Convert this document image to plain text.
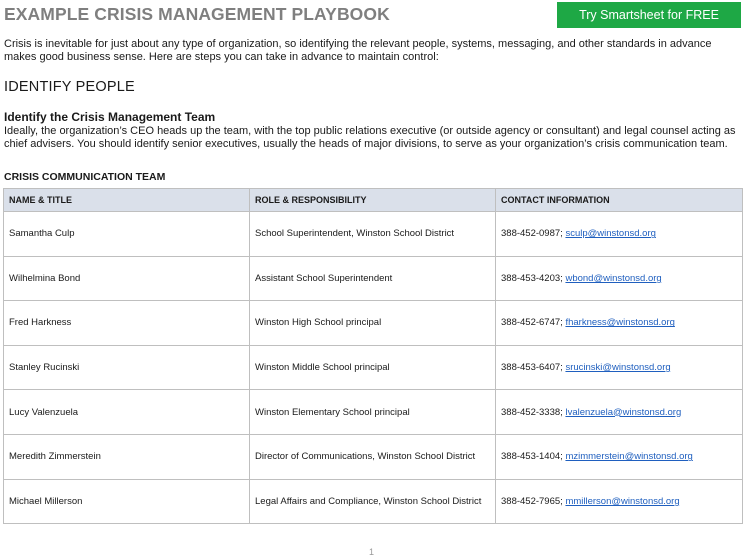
EXAMPLE CRISIS MANAGEMENT PLAYBOOK	Try Smartsheet for FREE

Crisis is inevitable for just about any type of organization, so identifying the relevant people, systems, messaging, and other standards in advance makes good business sense. Here are steps you can take in advance to maintain control:

IDENTIFY PEOPLE
Identify the Crisis Management Team

Ideally, the organization’s CEO heads up the team, with the top public relations executive (or outside agency or consultant) and legal counsel acting as chief advisers. You should identify senior executives, usually the heads of major divisions, to serve as your organization’s crisis communication team.

CRISIS COMMUNICATION TEAM
NAME & TITLE	ROLE & RESPONSIBILITY	CONTACT INFORMATION
Samantha Culp	School Superintendent, Winston School District	388-452-0987; sculp@winstonsd.org
Wilhelmina Bond	Assistant School Superintendent	388-453-4203; wbond@winstonsd.org
Fred Harkness	Winston High School principal	388-452-6747; fharkness@winstonsd.org
Stanley Rucinski	Winston Middle School principal	388-453-6407; srucinski@winstonsd.org
Lucy Valenzuela	Winston Elementary School principal	388-452-3338; lvalenzuela@winstonsd.org
Meredith Zimmerstein	Director of Communications, Winston School District	388-453-1404; mzimmerstein@winstonsd.org
Michael Millerson	Legal Affairs and Compliance, Winston School District	388-452-7965; mmillerson@winstonsd.org
1
